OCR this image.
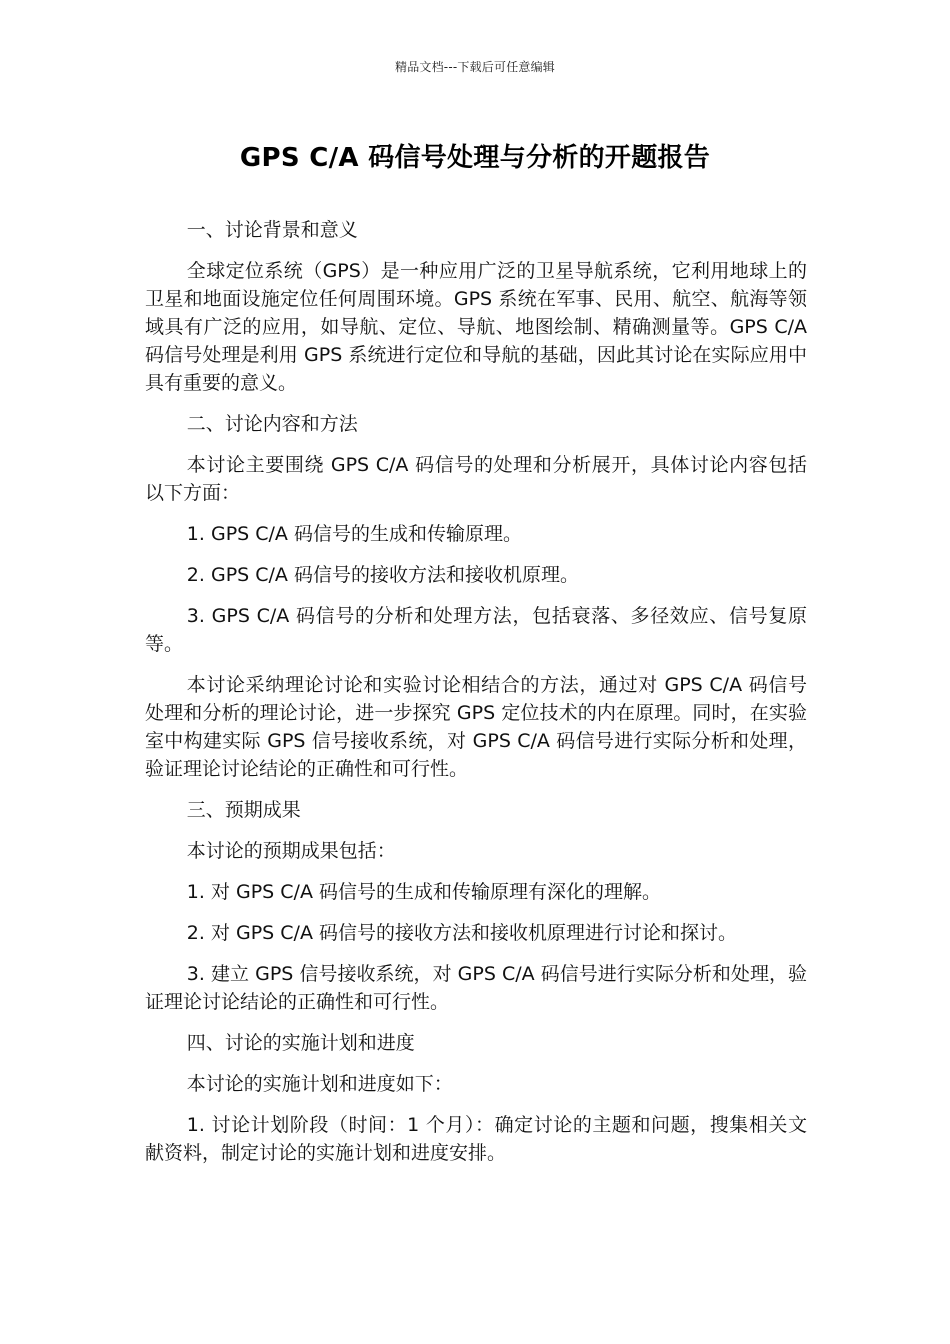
精品文档---下载后可任意编辑
GPS C/A 码信号处理与分析的开题报告

一、讨论背景和意义

全球定位系统（GPS）是一种应用广泛的卫星导航系统，它利用地球上的卫星和地面设施定位任何周围环境。GPS 系统在军事、民用、航空、航海等领域具有广泛的应用，如导航、定位、导航、地图绘制、精确测量等。GPS C/A 码信号处理是利用 GPS 系统进行定位和导航的基础，因此其讨论在实际应用中具有重要的意义。

二、讨论内容和方法

本讨论主要围绕 GPS C/A 码信号的处理和分析展开，具体讨论内容包括以下方面：

1. GPS C/A 码信号的生成和传输原理。

2. GPS C/A 码信号的接收方法和接收机原理。

3. GPS C/A 码信号的分析和处理方法，包括衰落、多径效应、信号复原等。

本讨论采纳理论讨论和实验讨论相结合的方法，通过对 GPS C/A 码信号处理和分析的理论讨论，进一步探究 GPS 定位技术的内在原理。同时，在实验室中构建实际 GPS 信号接收系统，对 GPS C/A 码信号进行实际分析和处理，验证理论讨论结论的正确性和可行性。

三、预期成果

本讨论的预期成果包括：

1. 对 GPS C/A 码信号的生成和传输原理有深化的理解。

2. 对 GPS C/A 码信号的接收方法和接收机原理进行讨论和探讨。

3. 建立 GPS 信号接收系统，对 GPS C/A 码信号进行实际分析和处理，验证理论讨论结论的正确性和可行性。

四、讨论的实施计划和进度

本讨论的实施计划和进度如下：

1. 讨论计划阶段（时间：1 个月）：确定讨论的主题和问题，搜集相关文献资料，制定讨论的实施计划和进度安排。
